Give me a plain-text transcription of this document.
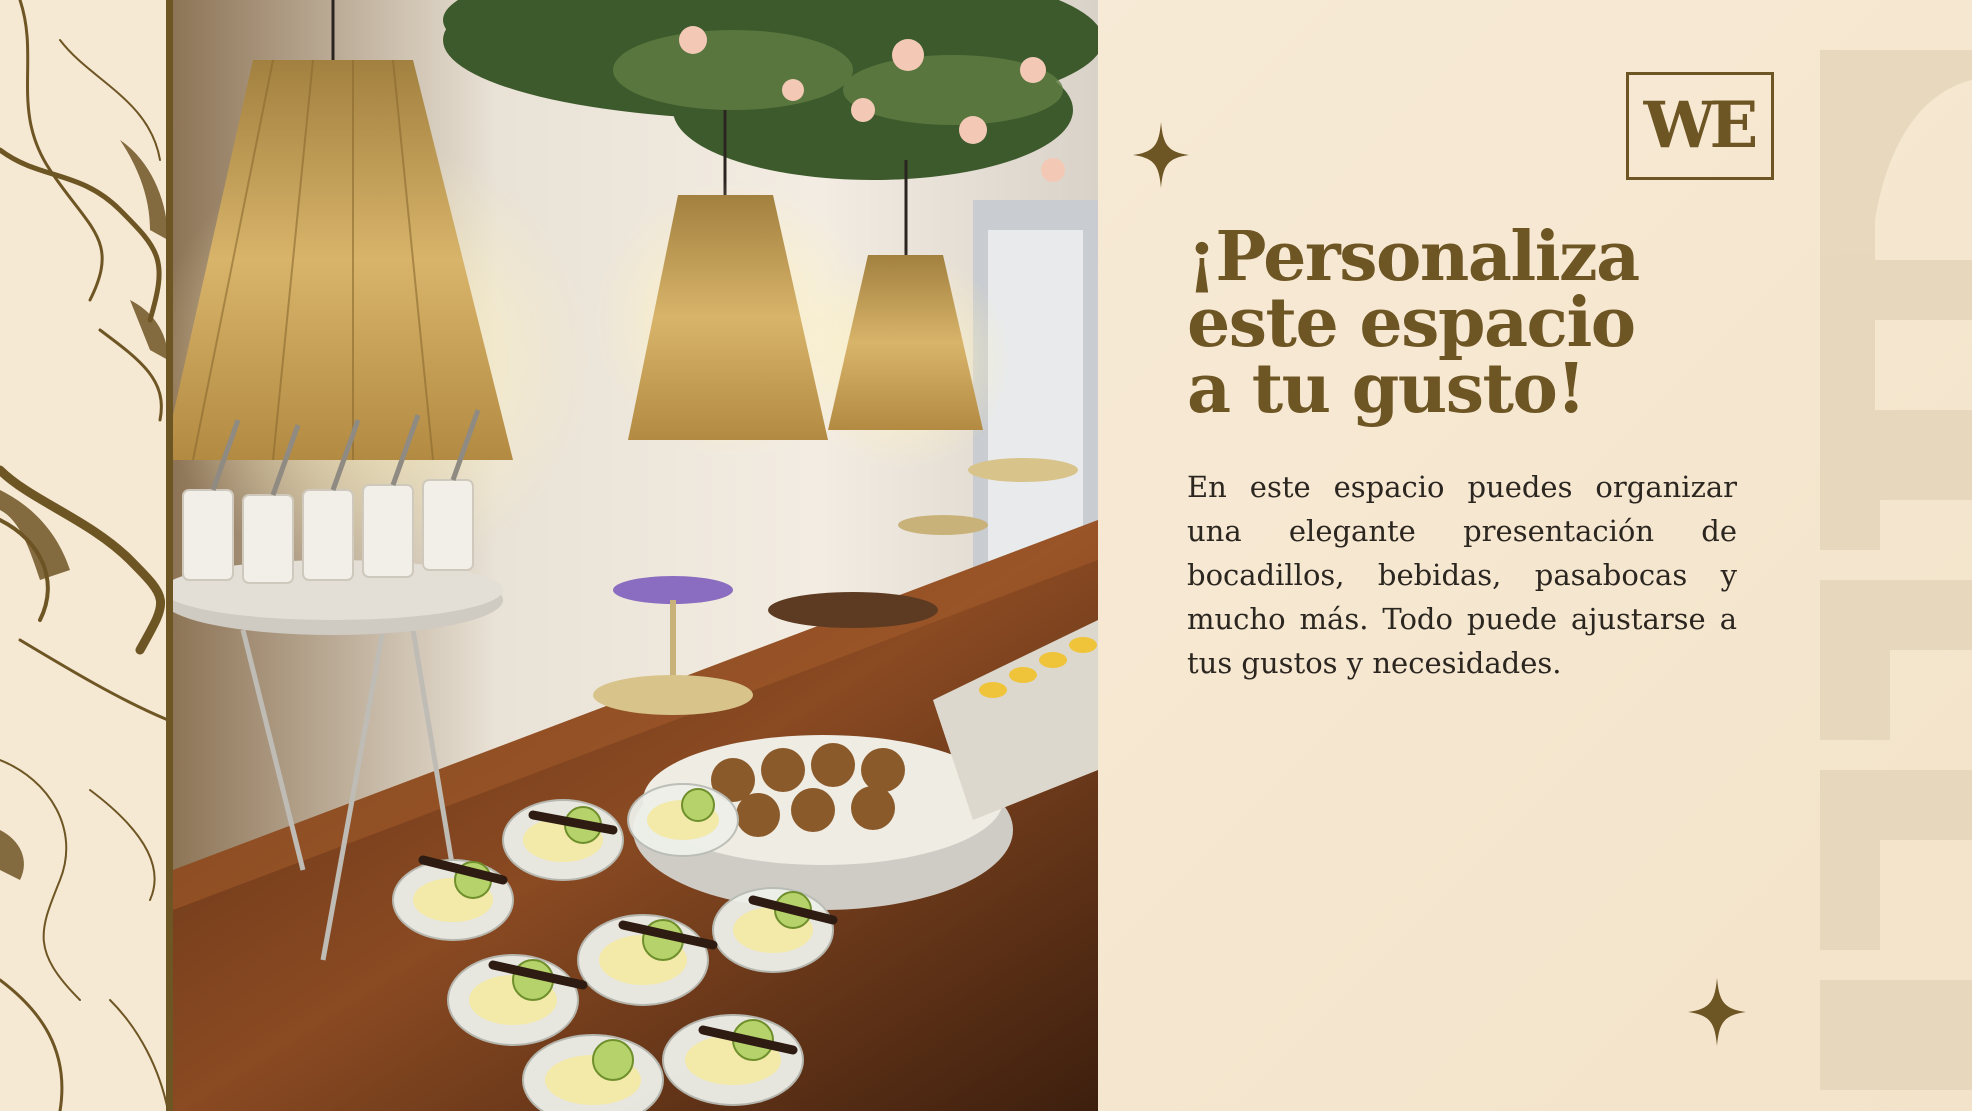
WE
¡Personaliza
este espacio
a tu gusto!

En este espacio puedes organizar una elegante presentación de bocadillos, bebidas, pasabocas y mucho más. Todo puede ajustarse a tus gustos y necesidades.
